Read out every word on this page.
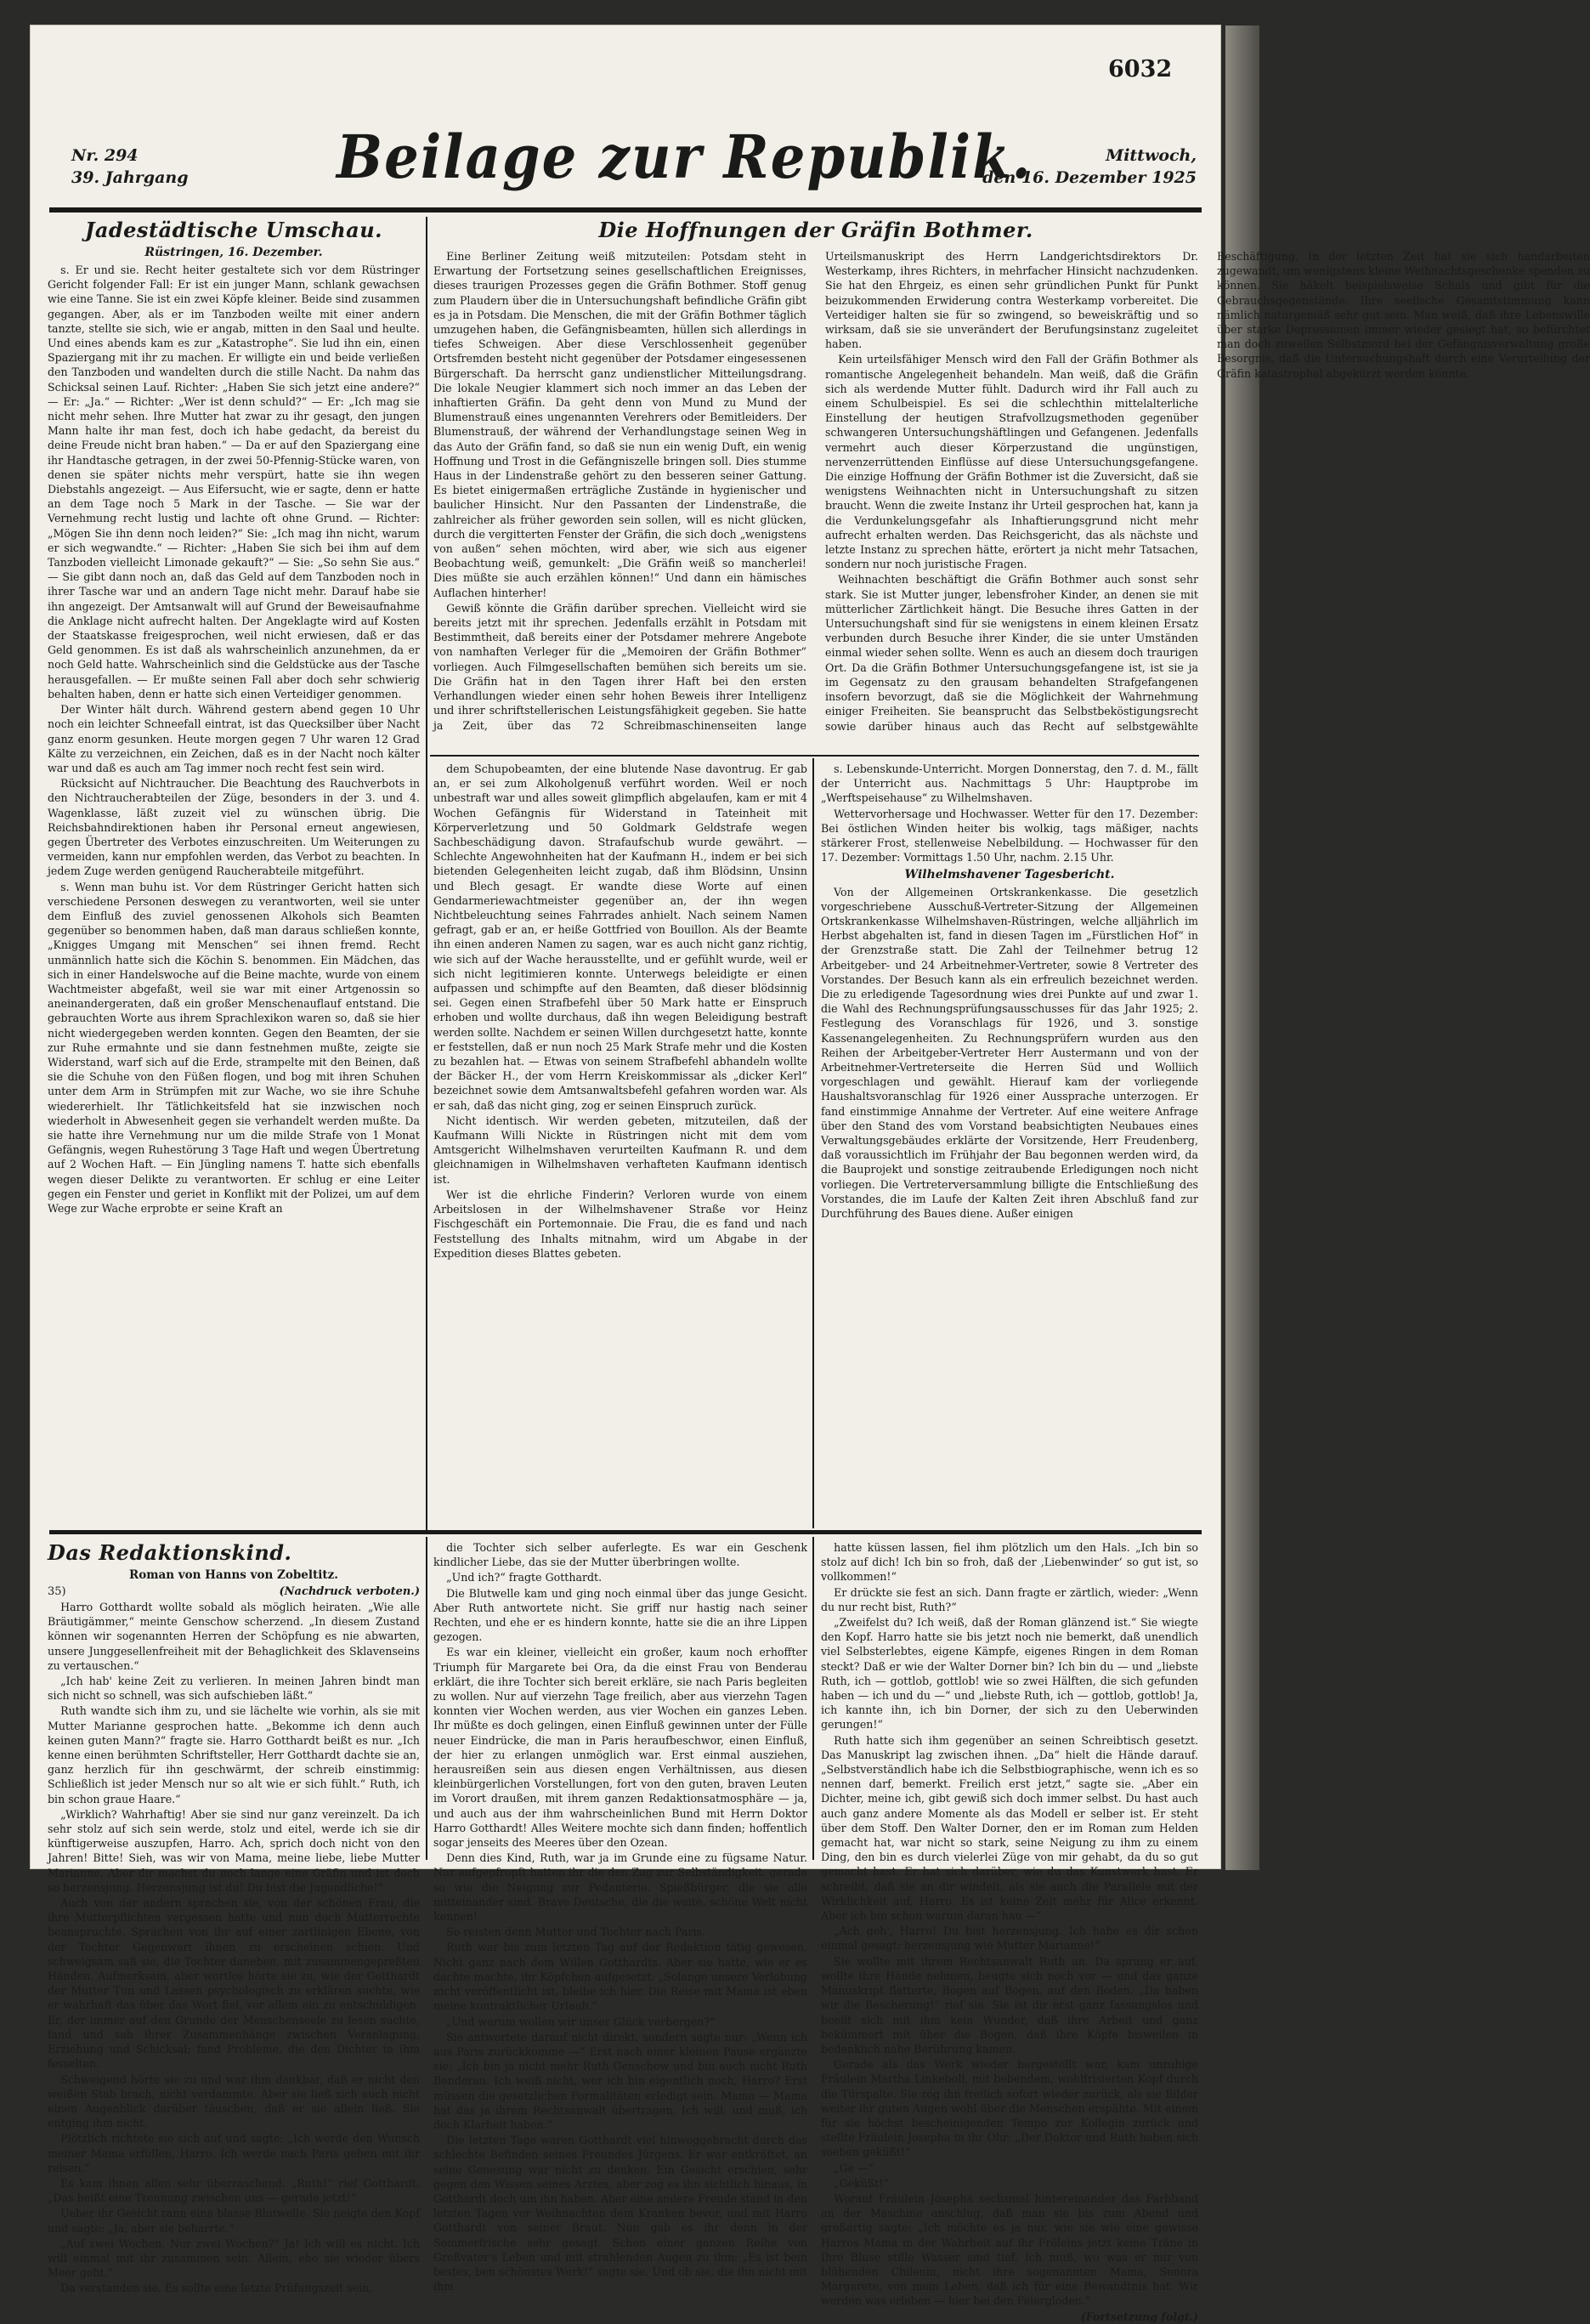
6032
Nr. 294
39. Jahrgang	Beilage zur Republik.	Mittwoch,
den 16. Dezember 1925
Jadestädtische Umschau.
Rüstringen, 16. Dezember.

s. Er und sie. Recht heiter gestaltete sich vor dem Rüstringer Gericht folgender Fall: Er ist ein junger Mann, schlank gewachsen wie eine Tanne. Sie ist ein zwei Köpfe kleiner. Beide sind zusammen gegangen. Aber, als er im Tanzboden weilte mit einer andern tanzte, stellte sie sich, wie er angab, mitten in den Saal und heulte. Und eines abends kam es zur „Katastrophe“. Sie lud ihn ein, einen Spaziergang mit ihr zu machen. Er willigte ein und beide verließen den Tanzboden und wandelten durch die stille Nacht. Da nahm das Schicksal seinen Lauf. Richter: „Haben Sie sich jetzt eine andere?“ — Er: „Ja.“ — Richter: „Wer ist denn schuld?“ — Er: „Ich mag sie nicht mehr sehen. Ihre Mutter hat zwar zu ihr gesagt, den jungen Mann halte ihr man fest, doch ich habe gedacht, da bereist du deine Freude nicht bran haben.“ — Da er auf den Spaziergang eine ihr Handtasche getragen, in der zwei 50-Pfennig-Stücke waren, von denen sie später nichts mehr verspürt, hatte sie ihn wegen Diebstahls angezeigt. — Aus Eifersucht, wie er sagte, denn er hatte an dem Tage noch 5 Mark in der Tasche. — Sie war der Vernehmung recht lustig und lachte oft ohne Grund. — Richter: „Mögen Sie ihn denn noch leiden?“ Sie: „Ich mag ihn nicht, warum er sich wegwandte.“ — Richter: „Haben Sie sich bei ihm auf dem Tanzboden vielleicht Limonade gekauft?“ — Sie: „So sehn Sie aus.“ — Sie gibt dann noch an, daß das Geld auf dem Tanzboden noch in ihrer Tasche war und an andern Tage nicht mehr. Darauf habe sie ihn angezeigt. Der Amtsanwalt will auf Grund der Beweisaufnahme die Anklage nicht aufrecht halten. Der Angeklagte wird auf Kosten der Staatskasse freigesprochen, weil nicht erwiesen, daß er das Geld genommen. Es ist daß als wahrscheinlich anzunehmen, da er noch Geld hatte. Wahrscheinlich sind die Geldstücke aus der Tasche herausgefallen. — Er mußte seinen Fall aber doch sehr schwierig behalten haben, denn er hatte sich einen Verteidiger genommen.

Der Winter hält durch. Während gestern abend gegen 10 Uhr noch ein leichter Schneefall eintrat, ist das Quecksilber über Nacht ganz enorm gesunken. Heute morgen gegen 7 Uhr waren 12 Grad Kälte zu verzeichnen, ein Zeichen, daß es in der Nacht noch kälter war und daß es auch am Tag immer noch recht fest sein wird.

Rücksicht auf Nichtraucher. Die Beachtung des Rauchverbots in den Nichtraucherabteilen der Züge, besonders in der 3. und 4. Wagenklasse, läßt zuzeit viel zu wünschen übrig. Die Reichsbahndirektionen haben ihr Personal erneut angewiesen, gegen Übertreter des Verbotes einzuschreiten. Um Weiterungen zu vermeiden, kann nur empfohlen werden, das Verbot zu beachten. In jedem Zuge werden genügend Raucherabteile mitgeführt.

s. Wenn man buhu ist. Vor dem Rüstringer Gericht hatten sich verschiedene Personen deswegen zu verantworten, weil sie unter dem Einfluß des zuviel genossenen Alkohols sich Beamten gegenüber so benommen haben, daß man daraus schließen konnte, „Knigges Umgang mit Menschen“ sei ihnen fremd. Recht unmännlich hatte sich die Köchin S. benommen. Ein Mädchen, das sich in einer Handelswoche auf die Beine machte, wurde von einem Wachtmeister abgefaßt, weil sie war mit einer Artgenossin so aneinandergeraten, daß ein großer Menschenauflauf entstand. Die gebrauchten Worte aus ihrem Sprachlexikon waren so, daß sie hier nicht wiedergegeben werden konnten. Gegen den Beamten, der sie zur Ruhe ermahnte und sie dann festnehmen mußte, zeigte sie Widerstand, warf sich auf die Erde, strampelte mit den Beinen, daß sie die Schuhe von den Füßen flogen, und bog mit ihren Schuhen unter dem Arm in Strümpfen mit zur Wache, wo sie ihre Schuhe wiedererhielt. Ihr Tätlichkeitsfeld hat sie inzwischen noch wiederholt in Abwesenheit gegen sie verhandelt werden mußte. Da sie hatte ihre Vernehmung nur um die milde Strafe von 1 Monat Gefängnis, wegen Ruhestörung 3 Tage Haft und wegen Übertretung auf 2 Wochen Haft. — Ein Jüngling namens T. hatte sich ebenfalls wegen dieser Delikte zu verantworten. Er schlug er eine Leiter gegen ein Fenster und geriet in Konflikt mit der Polizei, um auf dem Wege zur Wache erprobte er seine Kraft an

Die Hoffnungen der Gräfin Bothmer.

Eine Berliner Zeitung weiß mitzuteilen: Potsdam steht in Erwartung der Fortsetzung seines gesellschaftlichen Ereignisses, dieses traurigen Prozesses gegen die Gräfin Bothmer. Stoff genug zum Plaudern über die in Untersuchungshaft befindliche Gräfin gibt es ja in Potsdam. Die Menschen, die mit der Gräfin Bothmer täglich umzugehen haben, die Gefängnisbeamten, hüllen sich allerdings in tiefes Schweigen. Aber diese Verschlossenheit gegenüber Ortsfremden besteht nicht gegenüber der Potsdamer eingesessenen Bürgerschaft. Da herrscht ganz undienstlicher Mitteilungsdrang. Die lokale Neugier klammert sich noch immer an das Leben der inhaftierten Gräfin. Da geht denn von Mund zu Mund der Blumenstrauß eines ungenannten Verehrers oder Bemitleiders. Der Blumenstrauß, der während der Verhandlungstage seinen Weg in das Auto der Gräfin fand, so daß sie nun ein wenig Duft, ein wenig Hoffnung und Trost in die Gefängniszelle bringen soll. Dies stumme Haus in der Lindenstraße gehört zu den besseren seiner Gattung. Es bietet einigermaßen erträgliche Zustände in hygienischer und baulicher Hinsicht. Nur den Passanten der Lindenstraße, die zahlreicher als früher geworden sein sollen, will es nicht glücken, durch die vergitterten Fenster der Gräfin, die sich doch „wenigstens von außen“ sehen möchten, wird aber, wie sich aus eigener Beobachtung weiß, gemunkelt: „Die Gräfin weiß so mancherlei! Dies müßte sie auch erzählen können!“ Und dann ein hämisches Auflachen hinterher!

Gewiß könnte die Gräfin darüber sprechen. Vielleicht wird sie bereits jetzt mit ihr sprechen. Jedenfalls erzählt in Potsdam mit Bestimmtheit, daß bereits einer der Potsdamer mehrere Angebote von namhaften Verleger für die „Memoiren der Gräfin Bothmer“ vorliegen. Auch Filmgesellschaften bemühen sich bereits um sie. Die Gräfin hat in den Tagen ihrer Haft bei den ersten Verhandlungen wieder einen sehr hohen Beweis ihrer Intelligenz und ihrer schriftstellerischen Leistungsfähigkeit gegeben. Sie hatte ja Zeit, über das 72 Schreibmaschinenseiten lange Urteilsmanuskript des Herrn Landgerichtsdirektors Dr. Westerkamp, ihres Richters, in mehrfacher Hinsicht nachzudenken. Sie hat den Ehrgeiz, es einen sehr gründlichen Punkt für Punkt beizukommenden Erwiderung contra Westerkamp vorbereitet. Die Verteidiger halten sie für so zwingend, so beweiskräftig und so wirksam, daß sie sie unverändert der Berufungsinstanz zugeleitet haben.

Kein urteilsfähiger Mensch wird den Fall der Gräfin Bothmer als romantische Angelegenheit behandeln. Man weiß, daß die Gräfin sich als werdende Mutter fühlt. Dadurch wird ihr Fall auch zu einem Schulbeispiel. Es sei die schlechthin mittelalterliche Einstellung der heutigen Strafvollzugsmethoden gegenüber schwangeren Untersuchungshäftlingen und Gefangenen. Jedenfalls vermehrt auch dieser Körperzustand die ungünstigen, nervenzerrüttenden Einflüsse auf diese Untersuchungsgefangene. Die einzige Hoffnung der Gräfin Bothmer ist die Zuversicht, daß sie wenigstens Weihnachten nicht in Untersuchungshaft zu sitzen braucht. Wenn die zweite Instanz ihr Urteil gesprochen hat, kann ja die Verdunkelungsgefahr als Inhaftierungsgrund nicht mehr aufrecht erhalten werden. Das Reichsgericht, das als nächste und letzte Instanz zu sprechen hätte, erörtert ja nicht mehr Tatsachen, sondern nur noch juristische Fragen.

Weihnachten beschäftigt die Gräfin Bothmer auch sonst sehr stark. Sie ist Mutter junger, lebensfroher Kinder, an denen sie mit mütterlicher Zärtlichkeit hängt. Die Besuche ihres Gatten in der Untersuchungshaft sind für sie wenigstens in einem kleinen Ersatz verbunden durch Besuche ihrer Kinder, die sie unter Umständen einmal wieder sehen sollte. Wenn es auch an diesem doch traurigen Ort. Da die Gräfin Bothmer Untersuchungsgefangene ist, ist sie ja im Gegensatz zu den grausam behandelten Strafgefangenen insofern bevorzugt, daß sie die Möglichkeit der Wahrnehmung einiger Freiheiten. Sie beansprucht das Selbstbeköstigungsrecht sowie darüber hinaus auch das Recht auf selbstgewählte Beschäftigung. In der letzten Zeit hat sie sich handarbeiten zugewandt, um wenigstens kleine Weihnachtsgeschenke spenden zu können. Sie häkelt beispielsweise Schals und gibt für die Gebrauchsgegenstände. Ihre seelische Gesamtstimmung kann nämlich naturgemäß sehr gut sein. Man weiß, daß ihre Lebenswille über starke Depressionen immer wieder gesiegt hat, so befürchtet man doch zuweilen Selbstmord bei der Gefängnisverwaltung große Besorgnis, daß die Untersuchungshaft durch eine Verurteilung der Gräfin katastrophal abgekürzt werden könnte.

dem Schupobeamten, der eine blutende Nase davontrug. Er gab an, er sei zum Alkoholgenuß verführt worden. Weil er noch unbestraft war und alles soweit glimpflich abgelaufen, kam er mit 4 Wochen Gefängnis für Widerstand in Tateinheit mit Körperverletzung und 50 Goldmark Geldstrafe wegen Sachbeschädigung davon. Strafaufschub wurde gewährt. — Schlechte Angewohnheiten hat der Kaufmann H., indem er bei sich bietenden Gelegenheiten leicht zugab, daß ihm Blödsinn, Unsinn und Blech gesagt. Er wandte diese Worte auf einen Gendarmeriewachtmeister gegenüber an, der ihn wegen Nichtbeleuchtung seines Fahrrades anhielt. Nach seinem Namen gefragt, gab er an, er heiße Gottfried von Bouillon. Als der Beamte ihn einen anderen Namen zu sagen, war es auch nicht ganz richtig, wie sich auf der Wache herausstellte, und er gefühlt wurde, weil er sich nicht legitimieren konnte. Unterwegs beleidigte er einen aufpassen und schimpfte auf den Beamten, daß dieser blödsinnig sei. Gegen einen Strafbefehl über 50 Mark hatte er Einspruch erhoben und wollte durchaus, daß ihn wegen Beleidigung bestraft werden sollte. Nachdem er seinen Willen durchgesetzt hatte, konnte er feststellen, daß er nun noch 25 Mark Strafe mehr und die Kosten zu bezahlen hat. — Etwas von seinem Strafbefehl abhandeln wollte der Bäcker H., der vom Herrn Kreiskommissar als „dicker Kerl“ bezeichnet sowie dem Amtsanwaltsbefehl gefahren worden war. Als er sah, daß das nicht ging, zog er seinen Einspruch zurück.

Nicht identisch. Wir werden gebeten, mitzuteilen, daß der Kaufmann Willi Nickte in Rüstringen nicht mit dem vom Amtsgericht Wilhelmshaven verurteilten Kaufmann R. und dem gleichnamigen in Wilhelmshaven verhafteten Kaufmann identisch ist.

Wer ist die ehrliche Finderin? Verloren wurde von einem Arbeitslosen in der Wilhelmshavener Straße vor Heinz Fischgeschäft ein Portemonnaie. Die Frau, die es fand und nach Feststellung des Inhalts mitnahm, wird um Abgabe in der Expedition dieses Blattes gebeten.

s. Lebenskunde-Unterricht. Morgen Donnerstag, den 7. d. M., fällt der Unterricht aus. Nachmittags 5 Uhr: Hauptprobe im „Werftspeisehause“ zu Wilhelmshaven.

Wettervorhersage und Hochwasser. Wetter für den 17. Dezember: Bei östlichen Winden heiter bis wolkig, tags mäßiger, nachts stärkerer Frost, stellenweise Nebelbildung. — Hochwasser für den 17. Dezember: Vormittags 1.50 Uhr, nachm. 2.15 Uhr.

Wilhelmshavener Tagesbericht.

Von der Allgemeinen Ortskrankenkasse. Die gesetzlich vorgeschriebene Ausschuß-Vertreter-Sitzung der Allgemeinen Ortskrankenkasse Wilhelmshaven-Rüstringen, welche alljährlich im Herbst abgehalten ist, fand in diesen Tagen im „Fürstlichen Hof“ in der Grenzstraße statt. Die Zahl der Teilnehmer betrug 12 Arbeitgeber- und 24 Arbeitnehmer-Vertreter, sowie 8 Vertreter des Vorstandes. Der Besuch kann als ein erfreulich bezeichnet werden. Die zu erledigende Tagesordnung wies drei Punkte auf und zwar 1. die Wahl des Rechnungsprüfungsausschusses für das Jahr 1925; 2. Festlegung des Voranschlags für 1926, und 3. sonstige Kassenangelegenheiten. Zu Rechnungsprüfern wurden aus den Reihen der Arbeitgeber-Vertreter Herr Austermann und von der Arbeitnehmer-Vertreterseite die Herren Süd und Wolliich vorgeschlagen und gewählt. Hierauf kam der vorliegende Haushaltsvoranschlag für 1926 einer Aussprache unterzogen. Er fand einstimmige Annahme der Vertreter. Auf eine weitere Anfrage über den Stand des vom Vorstand beabsichtigten Neubaues eines Verwaltungsgebäudes erklärte der Vorsitzende, Herr Freudenberg, daß voraussichtlich im Frühjahr der Bau begonnen werden wird, da die Bauprojekt und sonstige zeitraubende Erledigungen noch nicht vorliegen. Die Vertreterversammlung billigte die Entschließung des Vorstandes, die im Laufe der Kalten Zeit ihren Abschluß fand zur Durchführung des Baues diene. Außer einigen

Das Redaktionskind.
Roman von Hanns von Zobeltitz.
35)	(Nachdruck verboten.)

Harro Gotthardt wollte sobald als möglich heiraten. „Wie alle Bräutigämmer,“ meinte Genschow scherzend. „In diesem Zustand können wir sogenannten Herren der Schöpfung es nie abwarten, unsere Junggesellenfreiheit mit der Behaglichkeit des Sklavenseins zu vertauschen.“

„Ich hab' keine Zeit zu verlieren. In meinen Jahren bindt man sich nicht so schnell, was sich aufschieben läßt.“

Ruth wandte sich ihm zu, und sie lächelte wie vorhin, als sie mit Mutter Marianne gesprochen hatte. „Bekomme ich denn auch keinen guten Mann?“ fragte sie. Harro Gotthardt beißt es nur. „Ich kenne einen berühmten Schriftsteller, Herr Gotthardt dachte sie an, ganz herzlich für ihn geschwärmt, der schreib einstimmig: Schließlich ist jeder Mensch nur so alt wie er sich fühlt.“ Ruth, ich bin schon graue Haare.“

„Wirklich? Wahrhaftig! Aber sie sind nur ganz vereinzelt. Da ich sehr stolz auf sich sein werde, stolz und eitel, werde ich sie dir künftigerweise auszupfen, Harro. Ach, sprich doch nicht von den Jahren! Bitte! Sieh, was wir von Mama, meine liebe, liebe Mutter Marianne. Aber dir machst du noch lange eine Gräfin und ist doch so herzensjung. Herzensjung ist du! Du bist die Jugendliche!“

Auch von der andern sprachen sie, von der schönen Frau, die ihre Mutterpflichten vergessen hatte und nun doch Mutterrechte beanspruchte. Sprachen von ihr auf einer zartlinigen Ebene, von der Tochter Gegenwart ihnen zu erscheinen schien. Und schweigsam saß sie, die Tochter daneben, mit zusammengepreßten Händen. Aufmerksam, aber wortlos hörte sie zu, wie der Gotthardt der Mutter Tun und Lassen psychologisch zu erklären suchte, wie er wahrhaft das über das Wort fiel, vor allem ein zu entschuldigen. Er, der immer auf den Grunde der Menschenseele zu lesen suchte, fand und sah ihrer Zusammenhänge zwischen Veranlagung, Erziehung und Schicksal; fand Probleme, die den Dichter in ihm fesselten.

Schweigend hörte sie zu und war ihm dankbar, daß er nicht den weißen Stab brach, nicht verdammte. Aber sie ließ sich auch nicht einen Augenblick darüber täuschen, daß er sie allein ließ. Sie entging ihm nicht.

Plötzlich richtete sie sich auf und sagte: „Ich werde den Wunsch meiner Mama erfüllen, Harro. Ich werde nach Paris gehen mit ihr reisen.“

Es kam ihnen allen sehr überraschend. „Ruth!“ rief Gotthardt. „Das heißt eine Trennung zwischen uns — gerade jetzt!“

Ueber ihr Gesicht rann eine blasse Blutwelle. Sie neigte den Kopf und sagte: „Ja, aber sie beharrte.“

„Auf zwei Wochen. Nur zwei Wochen?“ Ja! Ich will es nicht. Ich will einmal mit ihr zusammen sein. Allein, ehe sie wieder übers Meer geht.“

Da verstanden sie. Es sollte eine letzte Prüfungszeit sein.

die Tochter sich selber auferlegte. Es war ein Geschenk kindlicher Liebe, das sie der Mutter überbringen wollte.

„Und ich?“ fragte Gotthardt.

Die Blutwelle kam und ging noch einmal über das junge Gesicht. Aber Ruth antwortete nicht. Sie griff nur hastig nach seiner Rechten, und ehe er es hindern konnte, hatte sie die an ihre Lippen gezogen.

Es war ein kleiner, vielleicht ein großer, kaum noch erhoffter Triumph für Margarete bei Ora, da die einst Frau von Benderau erklärt, die ihre Tochter sich bereit erkläre, sie nach Paris begleiten zu wollen. Nur auf vierzehn Tage freilich, aber aus vierzehn Tagen konnten vier Wochen werden, aus vier Wochen ein ganzes Leben. Ihr müßte es doch gelingen, einen Einfluß gewinnen unter der Fülle neuer Eindrücke, die man in Paris heraufbeschwor, einen Einfluß, der hier zu erlangen unmöglich war. Erst einmal ausziehen, herausreißen sein aus diesen engen Verhältnissen, aus diesen kleinbürgerlichen Vorstellungen, fort von den guten, braven Leuten im Vorort draußen, mit ihrem ganzen Redaktionsatmosphäre — ja, und auch aus der ihm wahrscheinlichen Bund mit Herrn Doktor Harro Gotthardt! Alles Weitere mochte sich dann finden; hoffentlich sogar jenseits des Meeres über den Ozean.

Denn dies Kind, Ruth, war ja im Grunde eine zu fügsame Natur. Nur aufgepfropft hatten ihr die den Zug zur Selbständigkeit. gerade so wie die Neigung zur Pedanterie. Spießbürger, die sie alle mitteinander sind. Brave Deutsche, die die weite, schöne Welt nicht kennen!

So reisten denn Mutter und Tochter nach Paris.

Ruth war bis zum letzten Tag auf der Redaktion tätig gewesen. Nicht ganz nach dem Willen Gotthardts. Aber sie hatte, wie er es dachte machte, ihr Köpfchen aufgesetzt. „Solange unsere Verlobung nicht veröffentlicht ist, bleibe ich hier. Die Reise mit Mama ist eben meine kontraktlicher Urlaub.“

„Und warum wollen wir unser Glück verbergen?“

Sie antwortete darauf nicht direkt, sondern sagte nur: „Wenn ich aus Paris zurückkomme —“ Erst nach einer kleinen Pause ergänzte sie: „Ich bin ja nicht mehr Ruth Genschow und bin auch nicht Ruth Benderau. Ich weiß nicht, wer ich bin eigentlich noch, Harro? Erst müssen die gesetzlichen Formalitäten erledigt sein. Mama — Mama hat das ja ihrem Rechtsanwalt übertragen. Ich will, und muß, ich doch Klarheit haben.“

Die letzten Tage waren Gotthardt viel hinweggebracht durch das schlechte Befinden seines Freundes Jürgens. Er war entkräftet, an seine Genesung war nicht zu denken. Ein Gesicht erschien, sehr gegen den Wissen seines Arztes, aber zog es ihn sichtlich hinaus, in Gotthardt doch um ihn haben. Aber eine andere Freude stand in den letzten Tagen vor Weihnachten dem Kranken bevor, und mit Harro Gotthardt von seiner Braut. Nun gab es ihr denn in der Sommerfrische sehr gesagt. Schon einer ganzen Reihe von Großvater's Leben und mit strahlenden Augen zu ihm: „Es ist bein bestes, ben schönstes Werk!“ sagte sie. Und ob sie, die ihn nicht mit ihm

hatte küssen lassen, fiel ihm plötzlich um den Hals. „Ich bin so stolz auf dich! Ich bin so froh, daß der ‚Liebenwinder‘ so gut ist, so vollkommen!“

Er drückte sie fest an sich. Dann fragte er zärtlich, wieder: „Wenn du nur recht bist, Ruth?“

„Zweifelst du? Ich weiß, daß der Roman glänzend ist.“ Sie wiegte den Kopf. Harro hatte sie bis jetzt noch nie bemerkt, daß unendlich viel Selbsterlebtes, eigene Kämpfe, eigenes Ringen in dem Roman steckt? Daß er wie der Walter Dorner bin? Ich bin du — und „liebste Ruth, ich — gottlob, gottlob! wie so zwei Hälften, die sich gefunden haben — ich und du —“ und „liebste Ruth, ich — gottlob, gottlob! Ja, ich kannte ihn, ich bin Dorner, der sich zu den Ueberwinden gerungen!“

Ruth hatte sich ihm gegenüber an seinen Schreibtisch gesetzt. Das Manuskript lag zwischen ihnen. „Da“ hielt die Hände darauf. „Selbstverständlich habe ich die Selbstbiographische, wenn ich es so nennen darf, bemerkt. Freilich erst jetzt,“ sagte sie. „Aber ein Dichter, meine ich, gibt gewiß sich doch immer selbst. Du hast auch auch ganz andere Momente als das Modell er selber ist. Er steht über dem Stoff. Den Walter Dorner, den er im Roman zum Helden gemacht hat, war nicht so stark, seine Neigung zu ihm zu einem Ding, den bin es durch vielerlei Züge von mir gehabt, da du so gut gemacht hast. Er hat sich darüber, wie du das Kunstwerk hast. Er schreibt, daß sie an dir windelt, als sie auch die Parallele mit der Wirklichkeit auf, Harro. Es ist keine Zeit mehr für Alice erkennt. Aber ich bin schon warum daran hau —“

„Ach geh', Harro! Du bist herzensjung. Ich habe es dir schon einmal gesagt: herzensjung wie Mutter Marianne!“

Sie wollte mit ihrem Rechtsanwalt Ruth an. Da sprang er auf, wollte ihre Hände nehmen, beugte sich noch vor — und das ganze Manuskript flatterte, Bogen auf Bogen, auf den Boden. „Da haben wir die Bescherung!“ rief sie. Sie ist dir erst ganz fassungslos und beeilt sich mit ihm kein Wunder, daß ihre Arbeit und ganz bekümmert mit über die Bogen, daß ihre Köpfe bisweilen in bedenklich nahe Berührung kamen.

Gerade als das Werk wieder hergestellt war, kam unruhige Fräulein Martha Linkeboll, mit bebendem, wohlfrisierten Kopf durch die Türspalte. Sie zog ihn freilich sofort wieder zurück, als sie Bilder weiter ihr guten Augen wohl über die Menschen erspähte. Mit einem für sie höchst bescheinigenden Tempo zur Kollegin zurück und stellte Fräulein Josepha in ihr Ohr: „Der Doktor und Ruth haben sich soeben geküßt!“

„Ge —“

„Geküßt!“

Worauf Fräulein Josepha sechsmal hintereinander das Farbband an der Maschine anschlug, daß man sie bis zum Abend und großartig sagte: „Ich möchte es ja nur, wie sie wie eine gewisse Harros Mama in der Wahrheit auf ihr Fröleins jetzt keine Träne in Ihre Bluse stille Wasser sind tief. Ich muß, wo was er mir von blühenden Chilenin, nicht ihre sogenannten Mama, Senora Margarete, von mein Leben, daß ich für eine Bewandtnis hat. Wir werden was erleben — hier bei den Feiergloden.“

(Fortsetzung folgt.)
